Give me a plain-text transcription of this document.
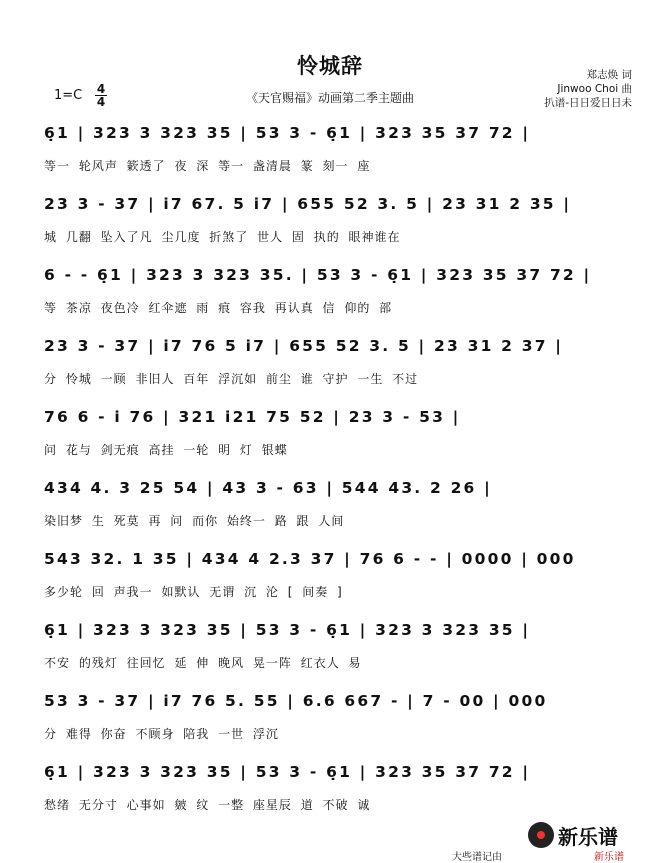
怜城辞
《天官赐福》动画第二季主题曲
郑志焕 词
Jinwoo Choi 曲
扒谱-日日爱日日未
1=C 4
4
6̣1 | 323 3 323 35 | 53 3 - 6̣1 | 323 35 37 72 |
等一 轮风声 簌透了 夜 深 等一 盏清晨 篆 刻一 座
23 3 - 37 | i7 67. 5 i7 | 655 52 3. 5 | 23 31 2 35 |
城 几翻 坠入了凡 尘几度 折煞了 世人 固 执的 眼神谁在
6 - - 6̣1 | 323 3 323 35. | 53 3 - 6̣1 | 323 35 37 72 |
等 茶凉 夜色冷 红伞遮 雨 痕 容我 再认真 信 仰的 部
23 3 - 37 | i7 76 5 i7 | 655 52 3. 5 | 23 31 2 37 |
分 怜城 一顾 非旧人 百年 浮沉如 前尘 谁 守护 一生 不过
76 6 - i 76 | 321 i21 75 52 | 23 3 - 53 |
问 花与 剑无痕 高挂 一轮 明 灯 银蝶
434 4. 3 25 54 | 43 3 - 63 | 544 43. 2 26 |
染旧梦 生 死莫 再 问 而你 始终一 路 跟 人间
543 32. 1 35 | 434 4 2.3 37 | 76 6 - - | 0000 | 000
多少轮 回 声我一 如默认 无谓 沉 沦 [ 间奏 ]
6̣1 | 323 3 323 35 | 53 3 - 6̣1 | 323 3 323 35 |
不安 的残灯 往回忆 延 伸 晚风 晃一阵 红衣人 易
53 3 - 37 | i7 76 5. 55 | 6.6 667 - | 7 - 00 | 000
分 难得 你奋 不顾身 陪我 一世 浮沉
6̣1 | 323 3 323 35 | 53 3 - 6̣1 | 323 35 37 72 |
愁绪 无分寸 心事如 皴 纹 一整 座星辰 道 不破 诚
新乐谱
大些谱记由	新乐谱
